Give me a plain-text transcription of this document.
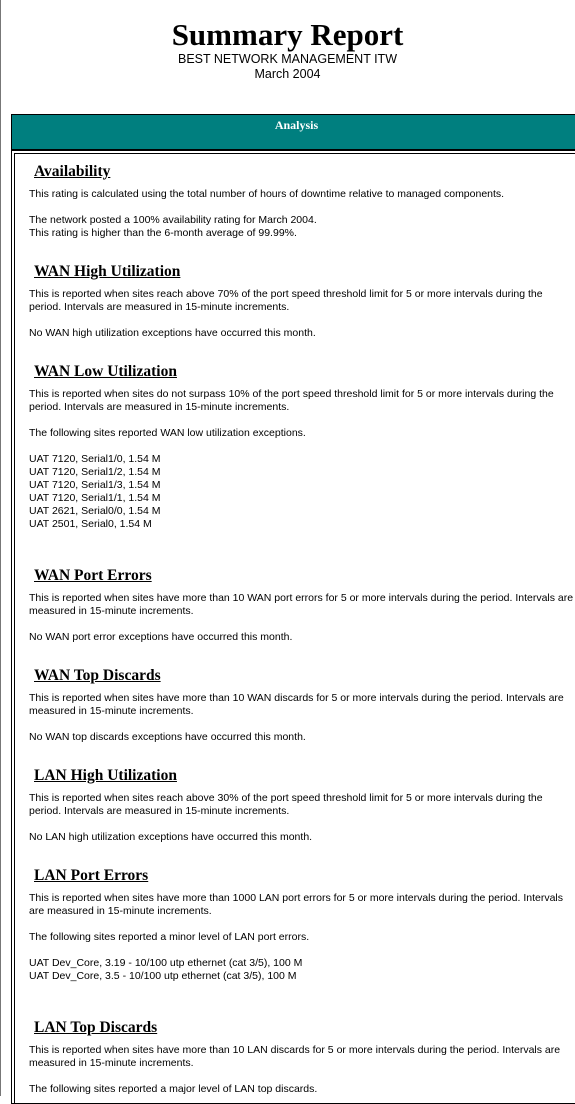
Summary Report
BEST NETWORK MANAGEMENT ITW
March 2004
Analysis
Availability
This rating is calculated using the total number of hours of downtime relative to managed components.
The network posted a 100% availability rating for March 2004.
This rating is higher than the 6-month average of 99.99%.
WAN High Utilization
This is reported when sites reach above 70% of the port speed threshold limit for 5 or more intervals during the
period. Intervals are measured in 15-minute increments.
No WAN high utilization exceptions have occurred this month.
WAN Low Utilization
This is reported when sites do not surpass 10% of the port speed threshold limit for 5 or more intervals during the
period. Intervals are measured in 15-minute increments.
The following sites reported WAN low utilization exceptions.
UAT 7120, Serial1/0, 1.54 M
UAT 7120, Serial1/2, 1.54 M
UAT 7120, Serial1/3, 1.54 M
UAT 7120, Serial1/1, 1.54 M
UAT 2621, Serial0/0, 1.54 M
UAT 2501, Serial0, 1.54 M
WAN Port Errors
This is reported when sites have more than 10 WAN port errors for 5 or more intervals during the period. Intervals are
measured in 15-minute increments.
No WAN port error exceptions have occurred this month.
WAN Top Discards
This is reported when sites have more than 10 WAN discards for 5 or more intervals during the period. Intervals are
measured in 15-minute increments.
No WAN top discards exceptions have occurred this month.
LAN High Utilization
This is reported when sites reach above 30% of the port speed threshold limit for 5 or more intervals during the
period. Intervals are measured in 15-minute increments.
No LAN high utilization exceptions have occurred this month.
LAN Port Errors
This is reported when sites have more than 1000 LAN port errors for 5 or more intervals during the period. Intervals
are measured in 15-minute increments.
The following sites reported a minor level of LAN port errors.
UAT Dev_Core, 3.19 - 10/100 utp ethernet (cat 3/5), 100 M
UAT Dev_Core, 3.5 - 10/100 utp ethernet (cat 3/5), 100 M
LAN Top Discards
This is reported when sites have more than 10 LAN discards for 5 or more intervals during the period. Intervals are
measured in 15-minute increments.
The following sites reported a major level of LAN top discards.
